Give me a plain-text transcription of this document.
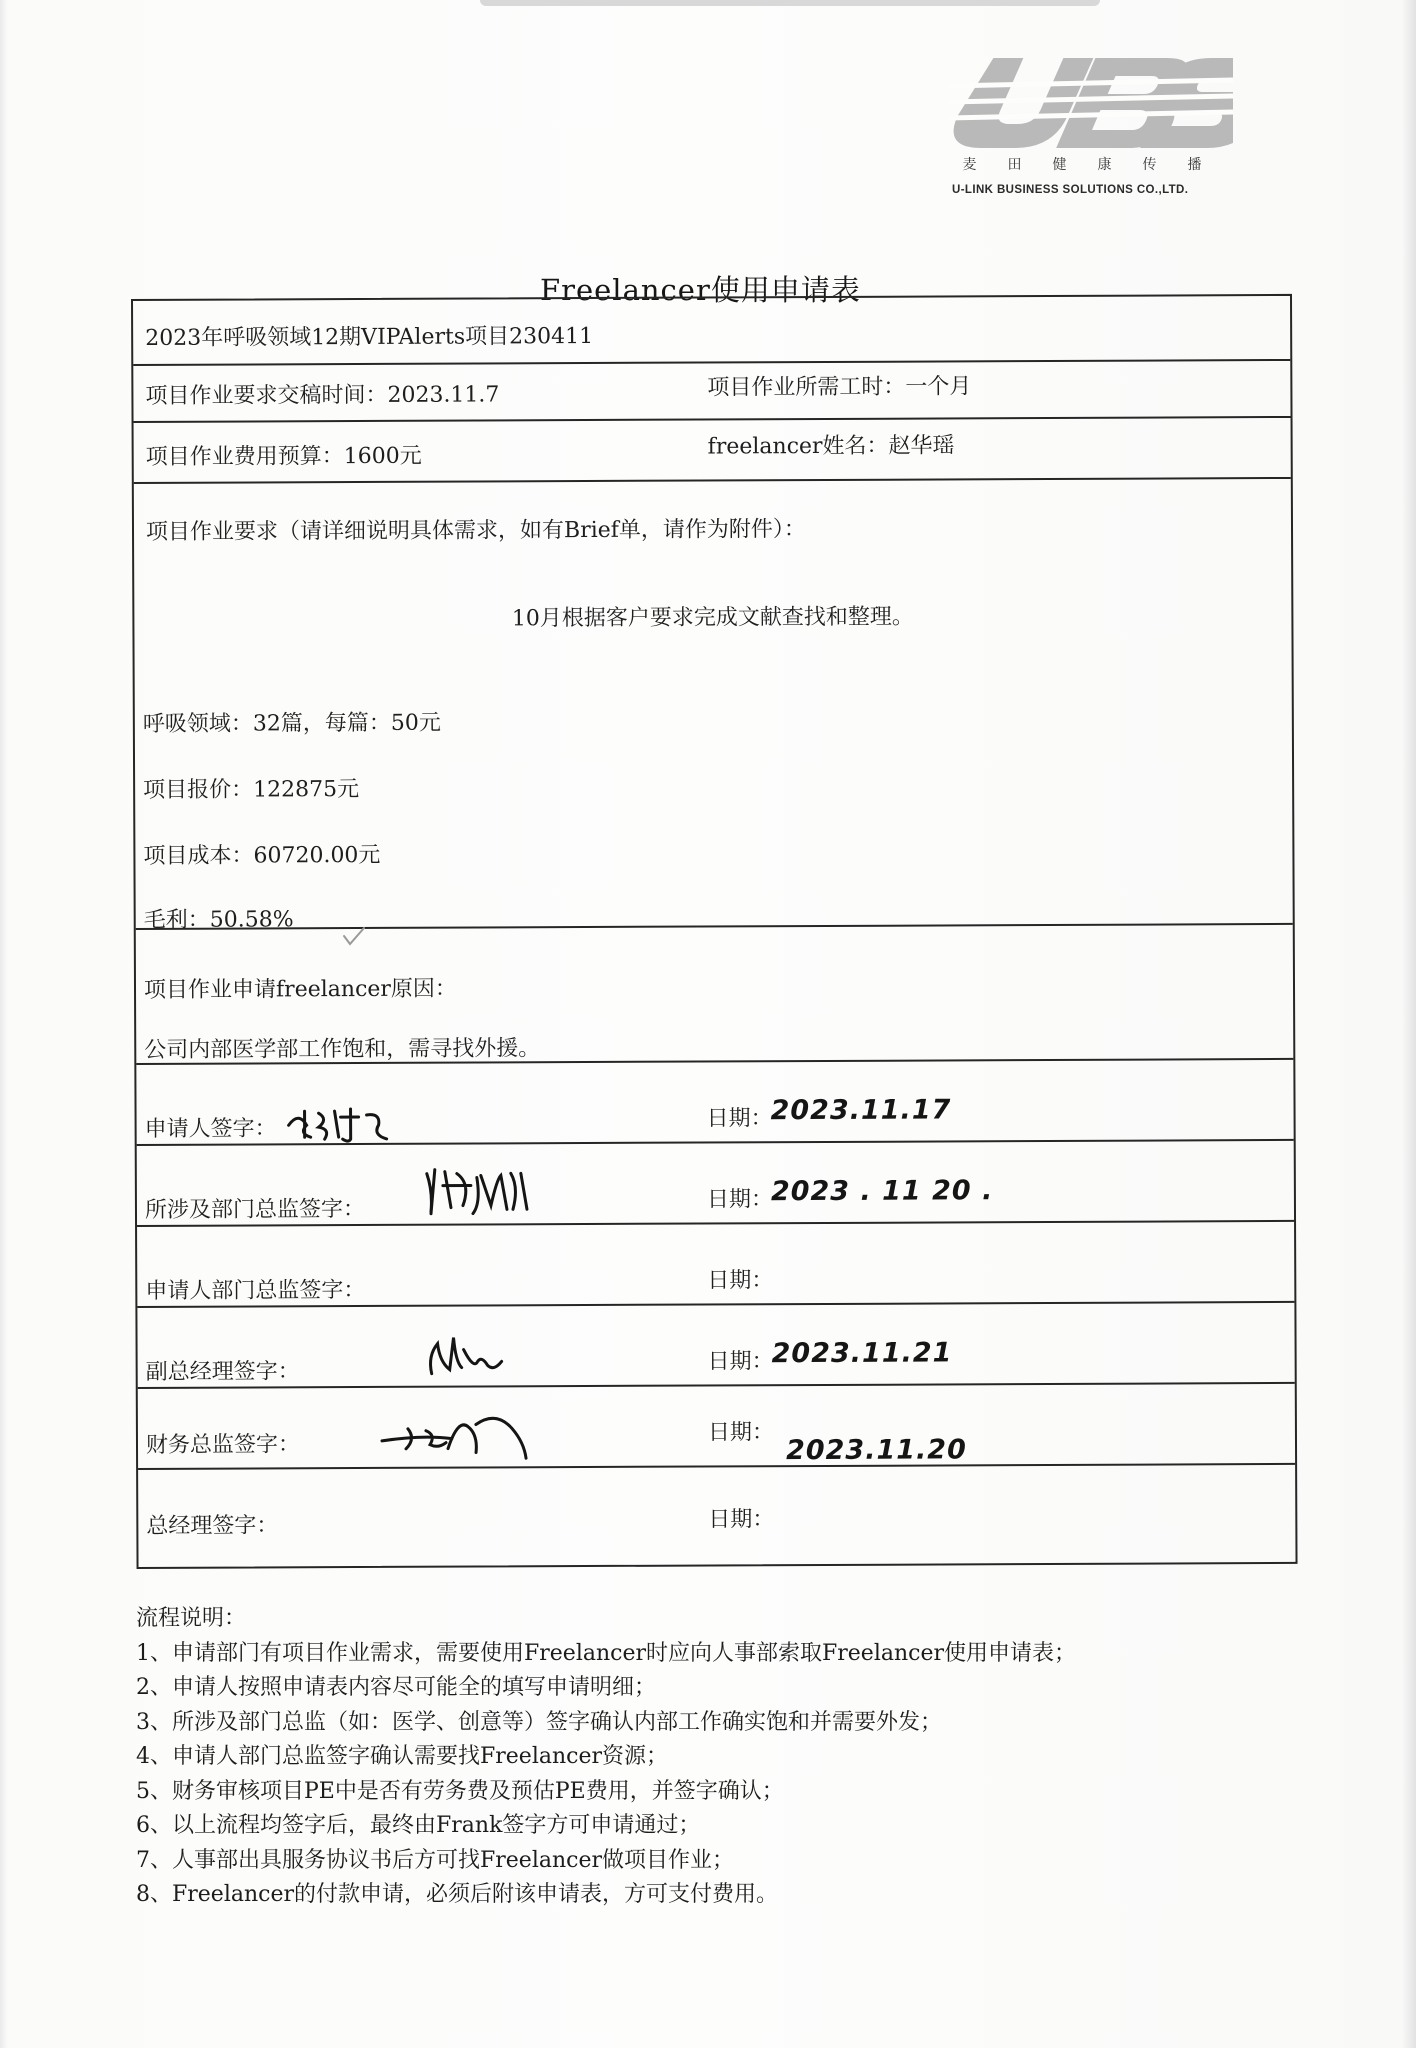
麦 田 健 康 传 播
U-LINK BUSINESS SOLUTIONS CO.,LTD.
Freelancer使用申请表
2023年呼吸领域12期VIPAlerts项目230411
项目作业要求交稿时间：2023.11.7	项目作业所需工时：一个月
项目作业费用预算：1600元	freelancer姓名：赵华瑶
项目作业要求（请详细说明具体需求，如有Brief单，请作为附件）：
10月根据客户要求完成文献查找和整理。
呼吸领域：32篇，每篇：50元
项目报价：122875元
项目成本：60720.00元
毛利：50.58%
项目作业申请freelancer原因：
公司内部医学部工作饱和，需寻找外援。
申请人签字：	日期：
2023.11.17
所涉及部门总监签字：	日期：
2023 . 11 20 .
申请人部门总监签字：	日期：
副总经理签字：	日期：
2023.11.21
财务总监签字：	日期：
2023.11.20
总经理签字：	日期：
流程说明：
1、申请部门有项目作业需求，需要使用Freelancer时应向人事部索取Freelancer使用申请表；
2、申请人按照申请表内容尽可能全的填写申请明细；
3、所涉及部门总监（如：医学、创意等）签字确认内部工作确实饱和并需要外发；
4、申请人部门总监签字确认需要找Freelancer资源；
5、财务审核项目PE中是否有劳务费及预估PE费用，并签字确认；
6、以上流程均签字后，最终由Frank签字方可申请通过；
7、人事部出具服务协议书后方可找Freelancer做项目作业；
8、Freelancer的付款申请，必须后附该申请表，方可支付费用。
